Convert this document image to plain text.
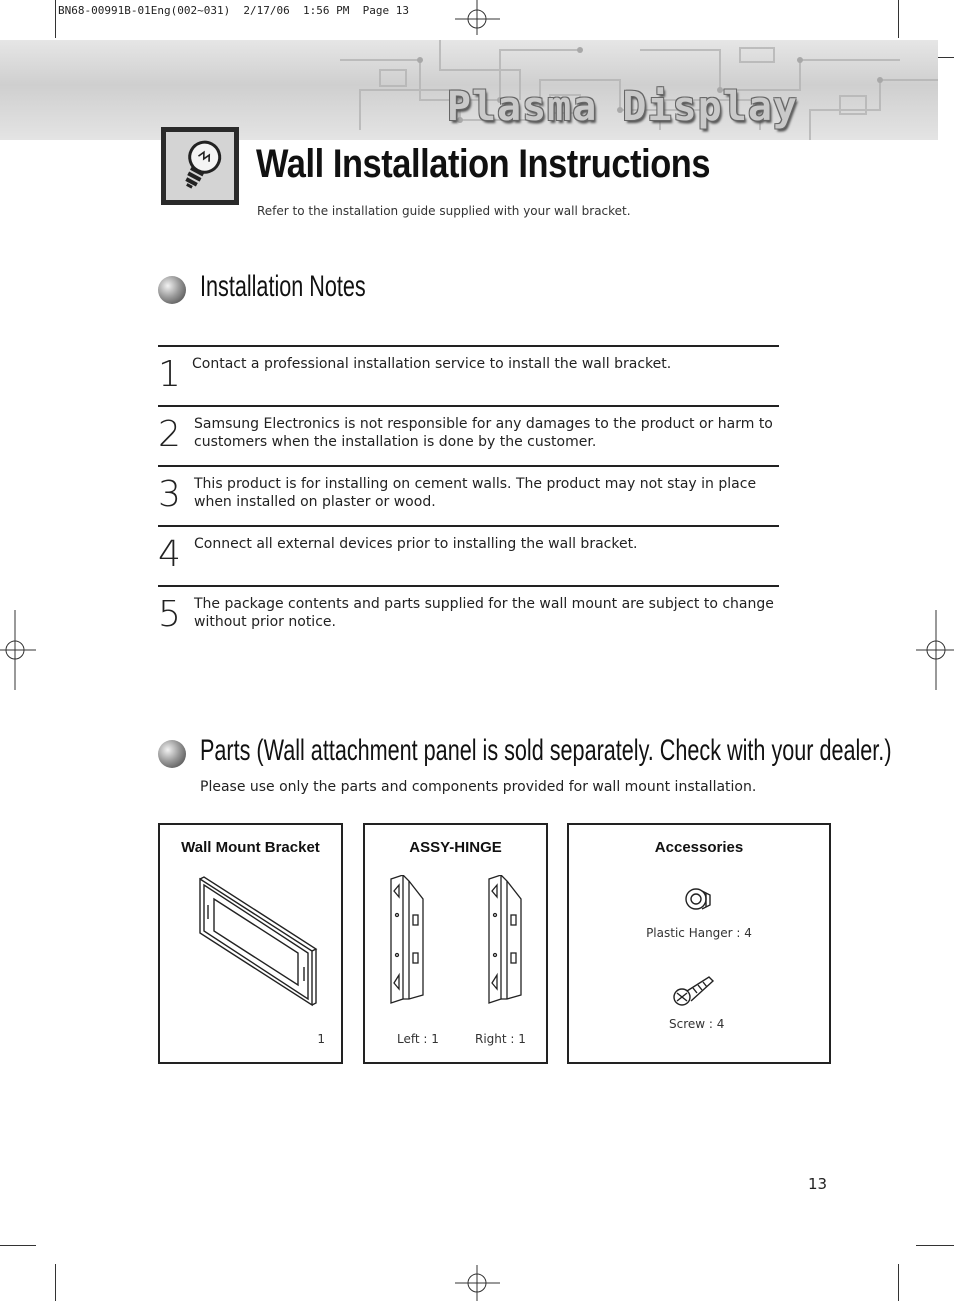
BN68-00991B-01Eng(002~031)  2/17/06  1:56 PM  Page 13
Plasma Display
Wall Installation Instructions
Refer to the installation guide supplied with your wall bracket.
Installation Notes
1 Contact a professional installation service to install the wall bracket.
2 Samsung Electronics is not responsible for any damages to the product or harm to customers when the installation is done by the customer.
3 This product is for installing on cement walls. The product may not stay in place when installed on plaster or wood.
4 Connect all external devices prior to installing the wall bracket.
5 The package contents and parts supplied for the wall mount are subject to change without prior notice.
Parts (Wall attachment panel is sold separately. Check with your dealer.)
Please use only the parts and components provided for wall mount installation.
Wall Mount Bracket
1
ASSY-HINGE
Left : 1	Right : 1
Accessories
Plastic Hanger : 4
Screw : 4
13
